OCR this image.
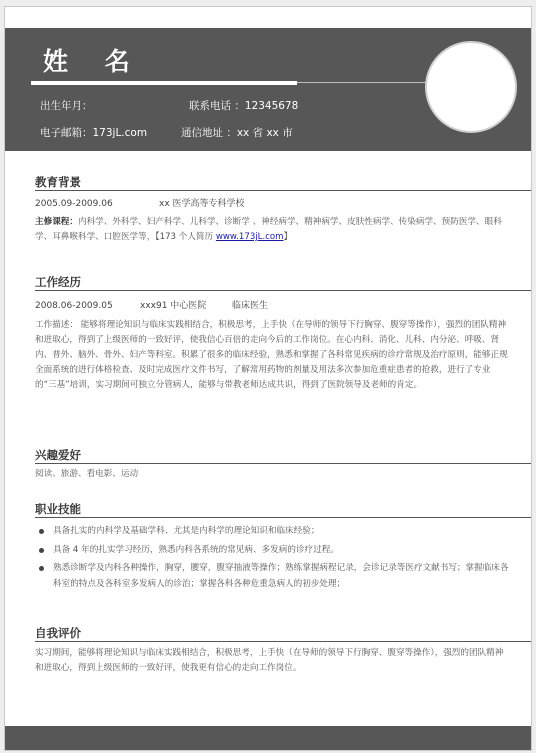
姓 名
出生年月：	联系电话 ：12345678
电子邮箱：173jL.com	通信地址 ：xx 省 xx 市
教育背景
2005.09-2009.06	xx 医学高等专科学校

主修课程：内科学、外科学、妇产科学、儿科学、诊断学 、神经病学、精神病学、皮肤性病学、传染病学、预防医学、眼科学、耳鼻喉科学、口腔医学等，【173 个人简历 www.173jL.com】

工作经历
2008.06-2009.05	xxx91 中心医院	临床医生

工作描述： 能够将理论知识与临床实践相结合，积极思考，上手快（在导师的领导下行胸穿、腹穿等操作），强烈的团队精神和进取心，得到了上级医师的一致好评，使我信心百倍的走向今后的工作岗位。在心内科、消化、儿科、内分泌、呼吸、肾内、普外、脑外、骨外、妇产等科室。积累了很多的临床经验，熟悉和掌握了各科常见疾病的诊疗常规及治疗原则，能够正规全面系统的进行体格检查、及时完成医疗文件书写，了解常用药物的剂量及用法多次参加危重症患者的抢救，进行了专业的“三基”培训，实习期间可独立分管病人，能够与带教老师达成共识，得到了医院领导及老师的肯定。

兴趣爱好

阅读、旅游、看电影、运动

职业技能
具备扎实的内科学及基础学科、尤其是内科学的理论知识和临床经验；
具备 4 年的扎实学习经历，熟悉内科各系统的常见病、多发病的诊疗过程。
熟悉诊断学及内科各种操作，胸穿，腰穿，腹穿抽液等操作；熟练掌握病程记录，会诊记录等医疗文献书写；掌握临床各科室的特点及各科室多发病人的诊治；掌握各科各种危重急病人的初步处理；
自我评价

实习期间，能够将理论知识与临床实践相结合，积极思考，上手快（在导师的领导下行胸穿、腹穿等操作），强烈的团队精神和进取心，得到上级医师的一致好评，使我更有信心的走向工作岗位。
